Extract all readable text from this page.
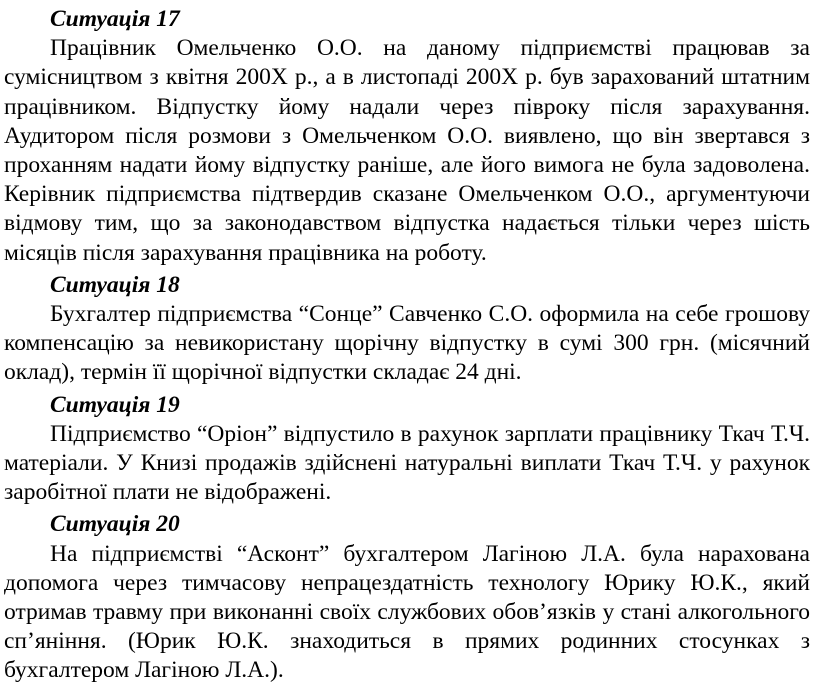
Ситуація 17

Працівник Омельченко О.О. на даному підприємстві працював за сумісництвом з квітня 200Х р., а в листопаді 200Х р. був зарахований штатним працівником. Відпустку йому надали через півроку після зарахування. Аудитором після розмови з Омельченком О.О. виявлено, що він звертався з проханням надати йому відпустку раніше, але його вимога не була задоволена. Керівник підприємства підтвердив сказане Омельченком О.О., аргументуючи відмову тим, що за законодавством відпустка надається тільки через шість місяців після зарахування працівника на роботу.

Ситуація 18

Бухгалтер підприємства “Сонце” Савченко С.О. оформила на себе грошову компенсацію за невикористану щорічну відпустку в сумі 300 грн. (місячний оклад), термін її щорічної відпустки складає 24 дні.

Ситуація 19

Підприємство “Оріон” відпустило в рахунок зарплати працівнику Ткач Т.Ч. матеріали. У Книзі продажів здійснені натуральні виплати Ткач Т.Ч. у рахунок заробітної плати не відображені.

Ситуація 20

На підприємстві “Асконт” бухгалтером Лагіною Л.А. була нарахована допомога через тимчасову непрацездатність технологу Юрику Ю.К., який отримав травму при виконанні своїх службових обов’язків у стані алкогольного сп’яніння. (Юрик Ю.К. знаходиться в прямих родинних стосунках з бухгалтером Лагіною Л.А.).
